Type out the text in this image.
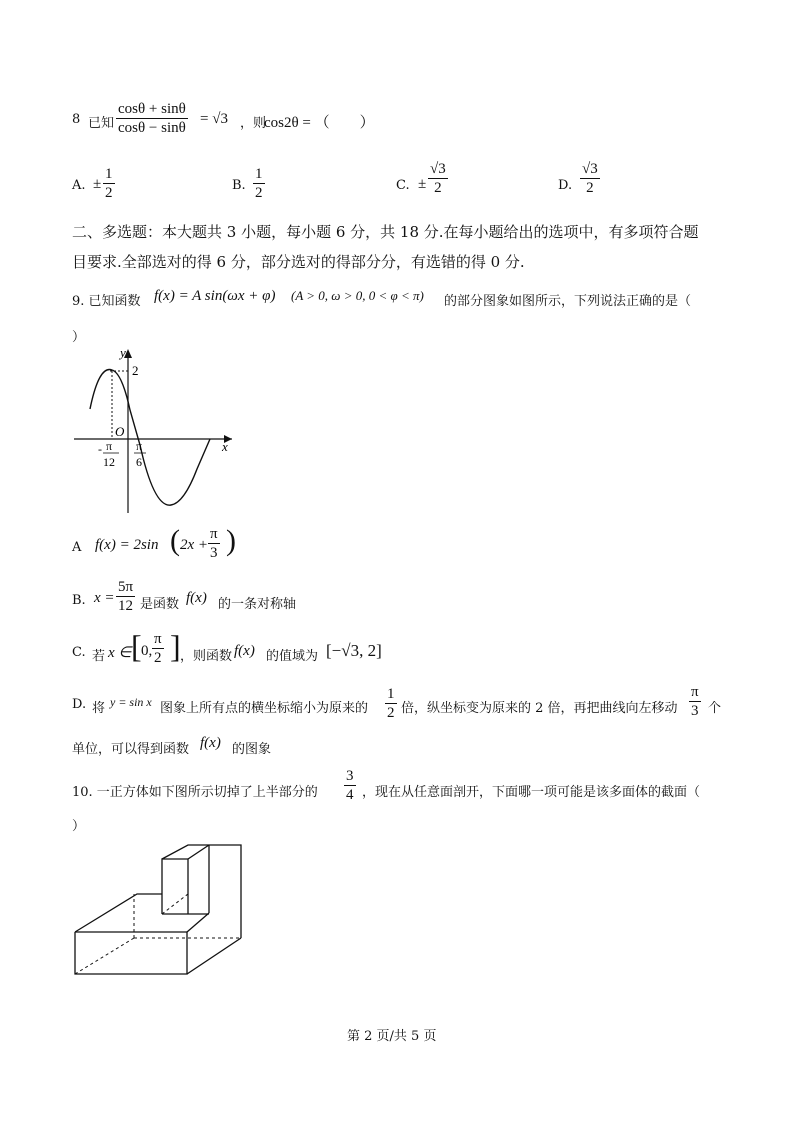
8 已知 $\frac{\cos\theta + \sin\theta}{\cos\theta - \sin\theta} = √3$ ，则
cos2θ = （　　）
A. ± $\frac{1}{2}$	B. $\frac{1}{2}$	C. ± $\frac{√3}{2}$	D. $\frac{√3}{2}$
二、多选题：本大题共 3 小题，每小题 6 分，共 18 分.在每小题给出的选项中，有多项符合题
目要求.全部选对的得 6 分，部分选对的得部分分，有选错的得 0 分.
9. 已知函数 f(x) = A sin(ωx + φ) (A > 0, ω > 0, 0 < φ < π) 的部分图象如图所示，下列说法正确的是（
）
y
x
O
2
- π
12
π
6
A f(x) = 2sin ( $2x + \frac{\pi}{3}$ )
B. $x = \frac{5\pi}{12}$ 是函数 f(x) 的一条对称轴
C. 若 x ∈ [ 0, $\frac{\pi}{2}$ ] ，则函数 f(x) 的值域为 [−√3, 2]
D. 将 y = sin x 图象上所有点的横坐标缩小为原来的 $\frac{1}{2}$ 倍，纵坐标变为原来的 2 倍，再把曲线向左移动 $\frac{\pi}{3}$ 个
单位，可以得到函数 f(x) 的图象
10. 一正方体如下图所示切掉了上半部分的 $\frac{3}{4}$ ，现在从任意面剖开，下面哪一项可能是该多面体的截面（
）
第 2 页/共 5 页
